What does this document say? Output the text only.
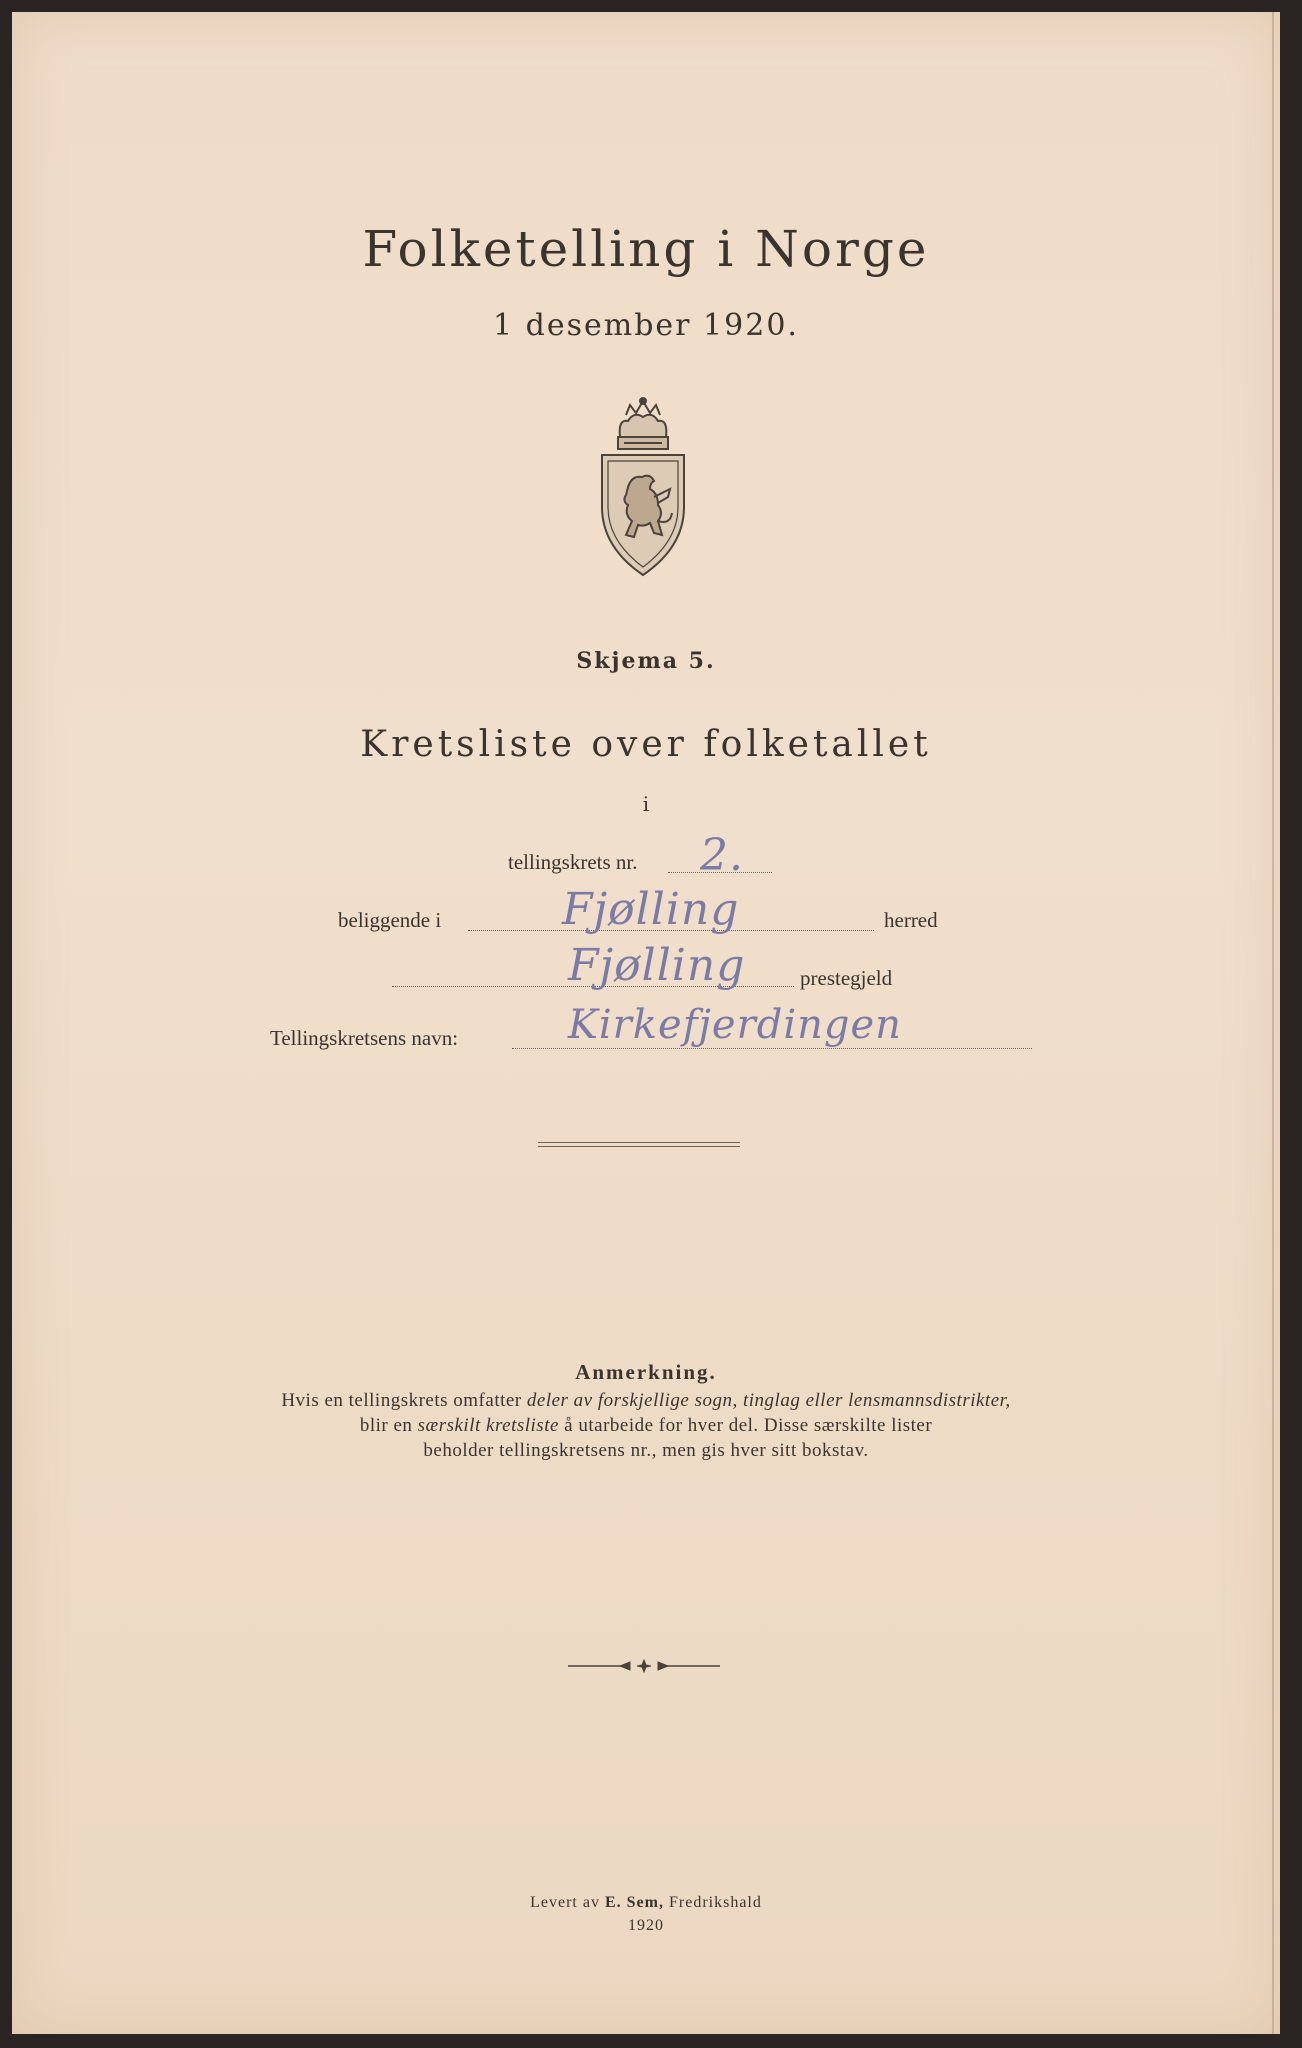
Folketelling i Norge
1 desember 1920.
Skjema 5.
Kretsliste over folketallet
i
tellingskrets nr. 2.
beliggende i	Fjølling	herred
Fjølling	prestegjeld
Tellingskretsens navn:	Kirkefjerdingen
Anmerkning.
Hvis en tellingskrets omfatter deler av forskjellige sogn, tinglag eller lensmannsdistrikter,
blir en særskilt kretsliste å utarbeide for hver del. Disse særskilte lister
beholder tellingskretsens nr., men gis hver sitt bokstav.
Levert av E. Sem, Fredrikshald
1920
